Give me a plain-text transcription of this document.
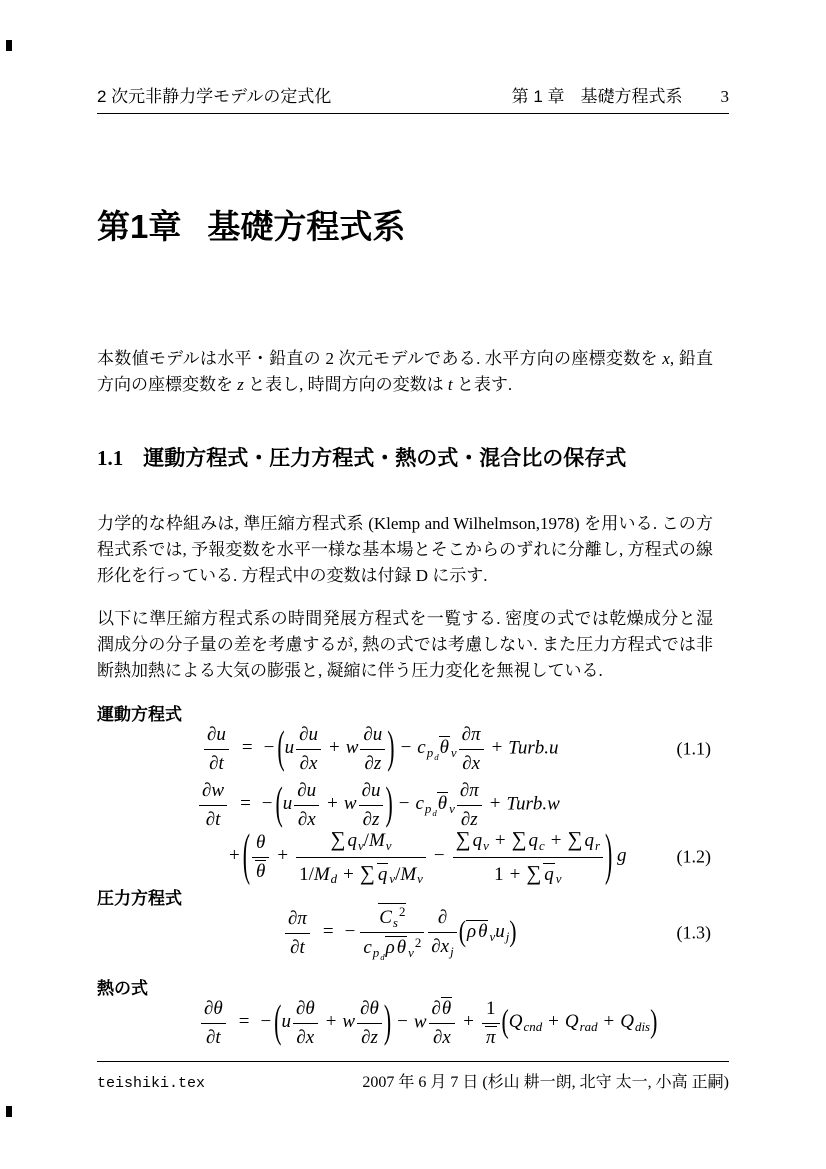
2 次元非静力学モデルの定式化	第 1 章 基礎方程式系 3
第1章 基礎方程式系

本数値モデルは水平・鉛直の 2 次元モデルである. 水平方向の座標変数を x, 鉛直方向の座標変数を z と表し, 時間方向の変数は t と表す.

1.1 運動方程式・圧力方程式・熱の式・混合比の保存式

力学的な枠組みは, 準圧縮方程式系 (Klemp and Wilhelmson,1978) を用いる. この方程式系では, 予報変数を水平一様な基本場とそこからのずれに分離し, 方程式の線形化を行っている. 方程式中の変数は付録 D に示す.

以下に準圧縮方程式系の時間発展方程式を一覧する. 密度の式では乾燥成分と湿潤成分の分子量の差を考慮するが, 熱の式では考慮しない. また圧力方程式では非断熱加熱による大気の膨張と, 凝縮に伴う圧力変化を無視している.

運動方程式
$\frac{\partial u}{\partial t}$ = − ($u \frac{\partial u}{\partial x} + w \frac{\partial u}{\partial z}$ ) − $c_{p_d}\theta$ $_v \frac{\partial\pi}{\partial x}$ + Turb.u	(1.1)
$\frac{\partial w}{\partial t}$ = − ($u \frac{\partial u}{\partial x} + w \frac{\partial u}{\partial z}$ ) − $c_{p_d}\theta$ $_v \frac{\partial\pi}{\partial z}$ + Turb.w
+ ( $\frac{\theta}{\theta} + \frac{\sum q_v/M_v}{1/M_d + \sum q _v/M_v} - \frac{\sum q_v + \sum q_c + \sum q_r}{1 + \sum q _v}$ ) g	(1.2)
圧力方程式
$\frac{\partial\pi}{\partial t}$ = − $\frac{C_s^2}{c_{p_d}\rho \theta _v^2} \frac{\partial}{\partial x_j} (\rho$ θ $_vu_j$)	(1.3)
熱の式
$\frac{\partial\theta}{\partial t}$ = − ($u \frac{\partial\theta}{\partial x} + w \frac{\partial\theta}{\partial z}$ ) − w $\frac{\partial\theta}{\partial x} + \frac{1}{\pi} (Q_{cnd} + Q_{rad} + Q_{dis})$
teishiki.tex	2007 年 6 月 7 日 (杉山 耕一朗, 北守 太一, 小高 正嗣)
